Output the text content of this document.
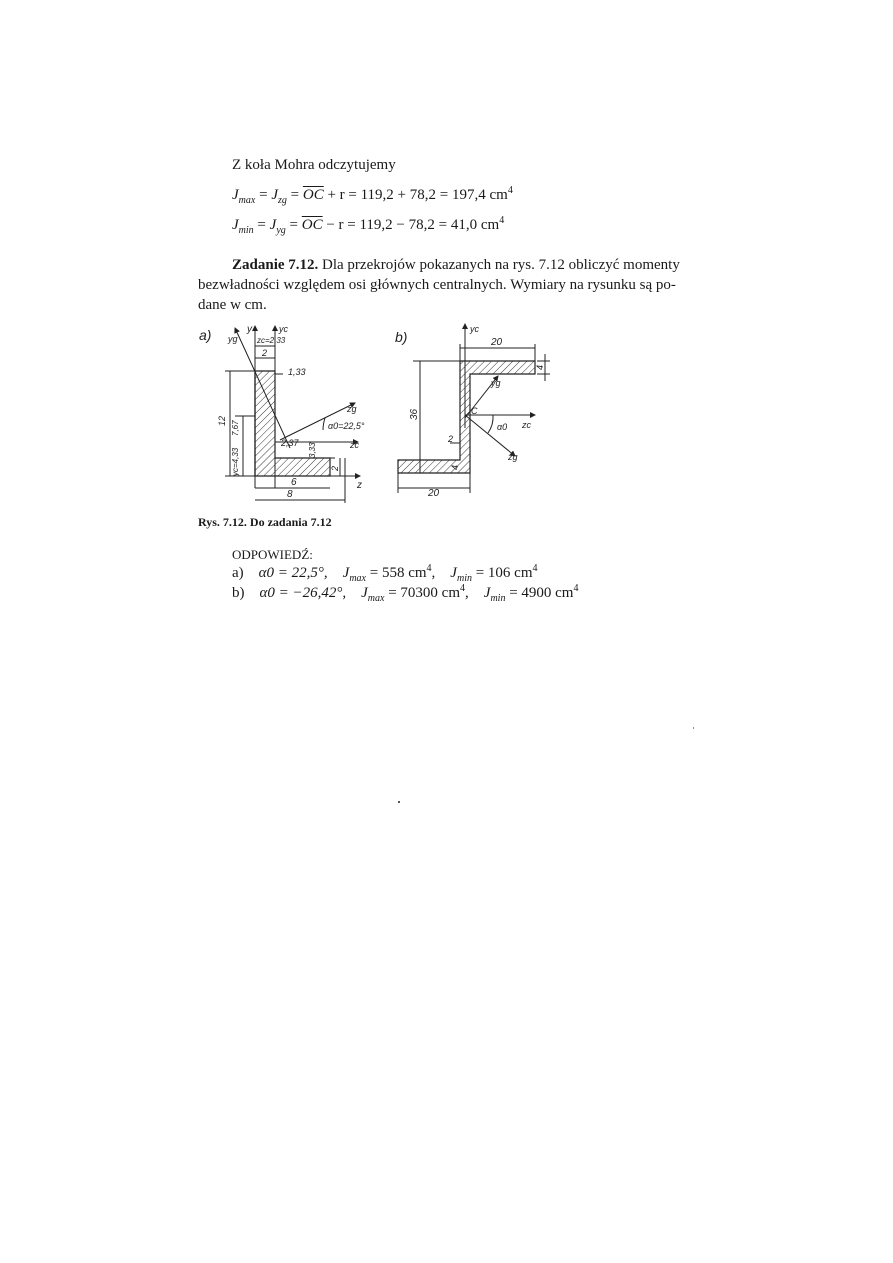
Z koła Mohra odczytujemy
$J_{max} = J_{zg} = \overline{OC} + r = 119,2 + 78,2 = 197,4$ $cm^4$
$J_{min} = J_{yg} = \overline{OC} - r = 119,2 - 78,2 = 41,0$ $cm^4$
Zadanie 7.12. Dla przekrojów pokazanych na rys. 7.12 obliczyć momenty
bezwładności względem osi głównych centralnych. Wymiary na rysunku są po-
dane w cm.
a)	y
yg
yc
zc=2,33
2
1,33
12 7,67
yc=4,33
2,37 3,33
2
6
8
zg
α0=22,5°
zc
z
b)	yc
yg
20
4
36	C
α0 zc
zg
2
4
20
Rys. 7.12. Do zadania 7.12
ODPOWIEDŹ:
a) α0 = 22,5°, $J_{max} = 558$ $cm^4$,    $J_{min} = 106$ $cm^4$
b) α0 = −26,42°, $J_{max} = 70300$ $cm^4$,    $J_{min} = 4900$ $cm^4$
